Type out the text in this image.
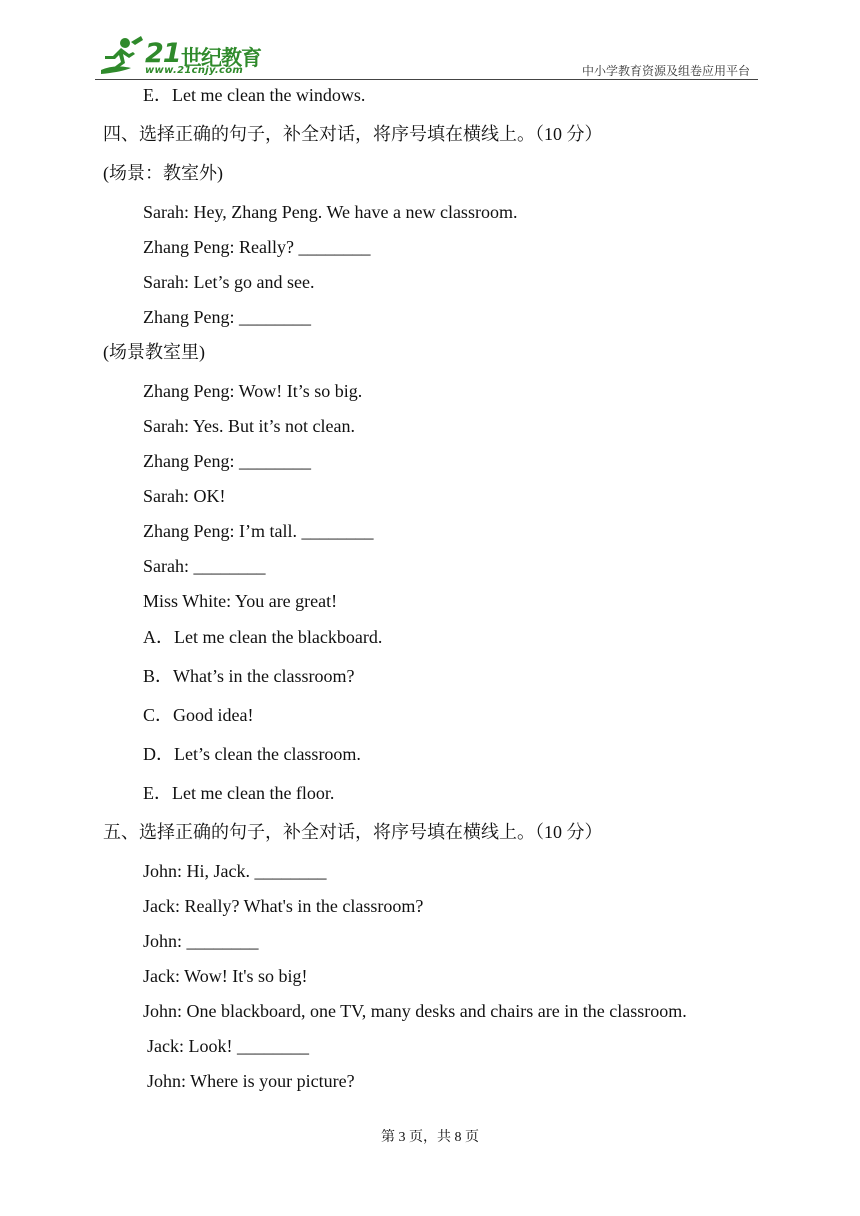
21 世纪教育
www.21cnjy.com	中小学教育资源及组卷应用平台
E．Let me clean the windows.
四、选择正确的句子，补全对话，将序号填在横线上。（10 分）
(场景：教室外)
Sarah: Hey, Zhang Peng. We have a new classroom.
Zhang Peng: Really? ________
Sarah: Let’s go and see.
Zhang Peng: ________
(场景教室里)
Zhang Peng: Wow! It’s so big.
Sarah: Yes. But it’s not clean.
Zhang Peng: ________
Sarah: OK!
Zhang Peng: I’m tall. ________
Sarah: ________
Miss White: You are great!
A．Let me clean the blackboard.
B．What’s in the classroom?
C．Good idea!
D．Let’s clean the classroom.
E．Let me clean the floor.
五、选择正确的句子，补全对话，将序号填在横线上。（10 分）
John: Hi, Jack. ________
Jack: Really? What's in the classroom?
John: ________
Jack: Wow! It's so big!
John: One blackboard, one TV, many desks and chairs are in the classroom.
Jack: Look! ________
John: Where is your picture?
第 3 页，共 8 页
